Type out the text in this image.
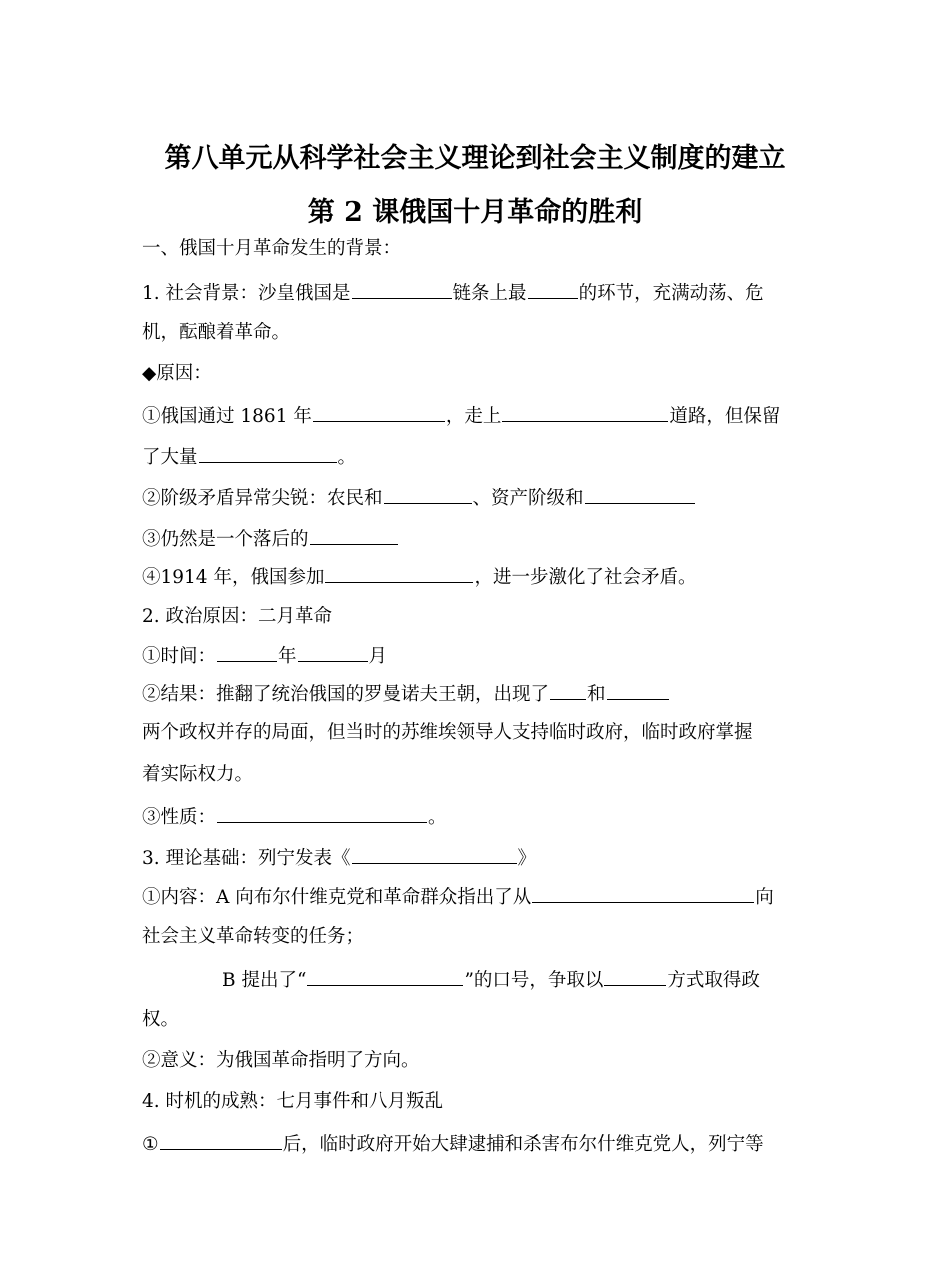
第八单元从科学社会主义理论到社会主义制度的建立
第 2 课俄国十月革命的胜利
一、俄国十月革命发生的背景：
1. 社会背景：沙皇俄国是	链条上最	的环节，充满动荡、危
机，酝酿着革命。
◆原因：
①俄国通过 1861 年	，走上	道路，但保留
了大量	。
②阶级矛盾异常尖锐：农民和	、资产阶级和
③仍然是一个落后的
④1914 年，俄国参加	，进一步激化了社会矛盾。
2. 政治原因：二月革命
①时间：	年	月
②结果：推翻了统治俄国的罗曼诺夫王朝，出现了 和
两个政权并存的局面，但当时的苏维埃领导人支持临时政府，临时政府掌握
着实际权力。
③性质：	。
3. 理论基础：列宁发表《	》
①内容：A 向布尔什维克党和革命群众指出了从	向
社会主义革命转变的任务；
B 提出了“	”的口号，争取以	方式取得政
权。
②意义：为俄国革命指明了方向。
4. 时机的成熟：七月事件和八月叛乱
①	后，临时政府开始大肆逮捕和杀害布尔什维克党人，列宁等
